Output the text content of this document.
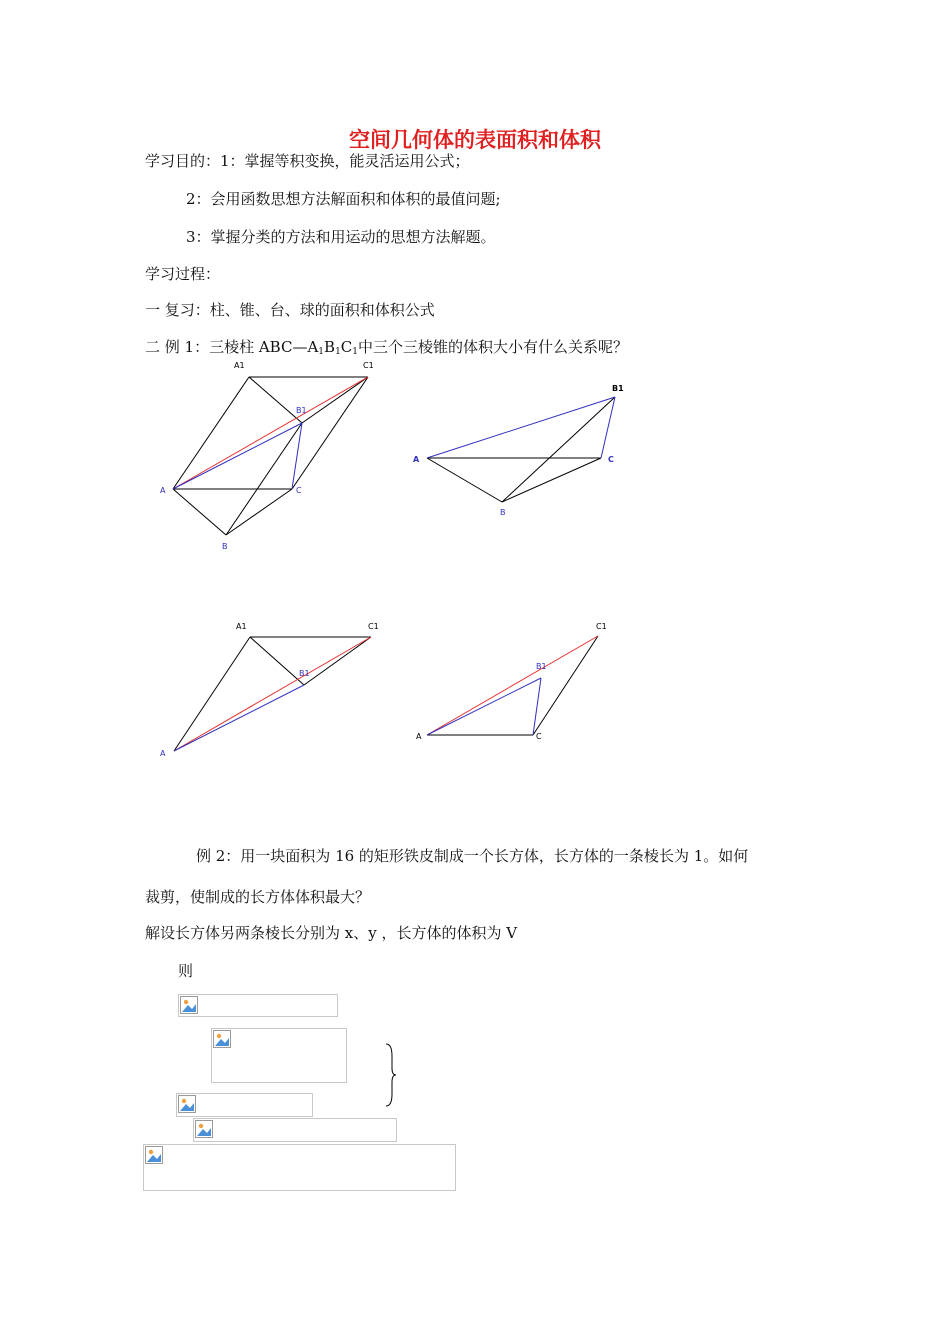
空间几何体的表面积和体积
学习目的：1：掌握等积变换，能灵活运用公式；
2：会用函数思想方法解面积和体积的最值问题;
3：掌握分类的方法和用运动的思想方法解题。
学习过程：
一 复习：柱、锥、台、球的面积和体积公式
二 例 1：三棱柱 $ABC—A_1B_1C_1$中三个三棱锥的体积大小有什么关系呢？
A1	C1
B1
A	C
B
B1
A	C
B
A1	C1
B1
A
C1
B1
A	C
例 2：用一块面积为 16 的矩形铁皮制成一个长方体，长方体的一条棱长为 1。如何
裁剪，使制成的长方体体积最大？
解设长方体另两条棱长分别为 x、y ，长方体的体积为 V
则
